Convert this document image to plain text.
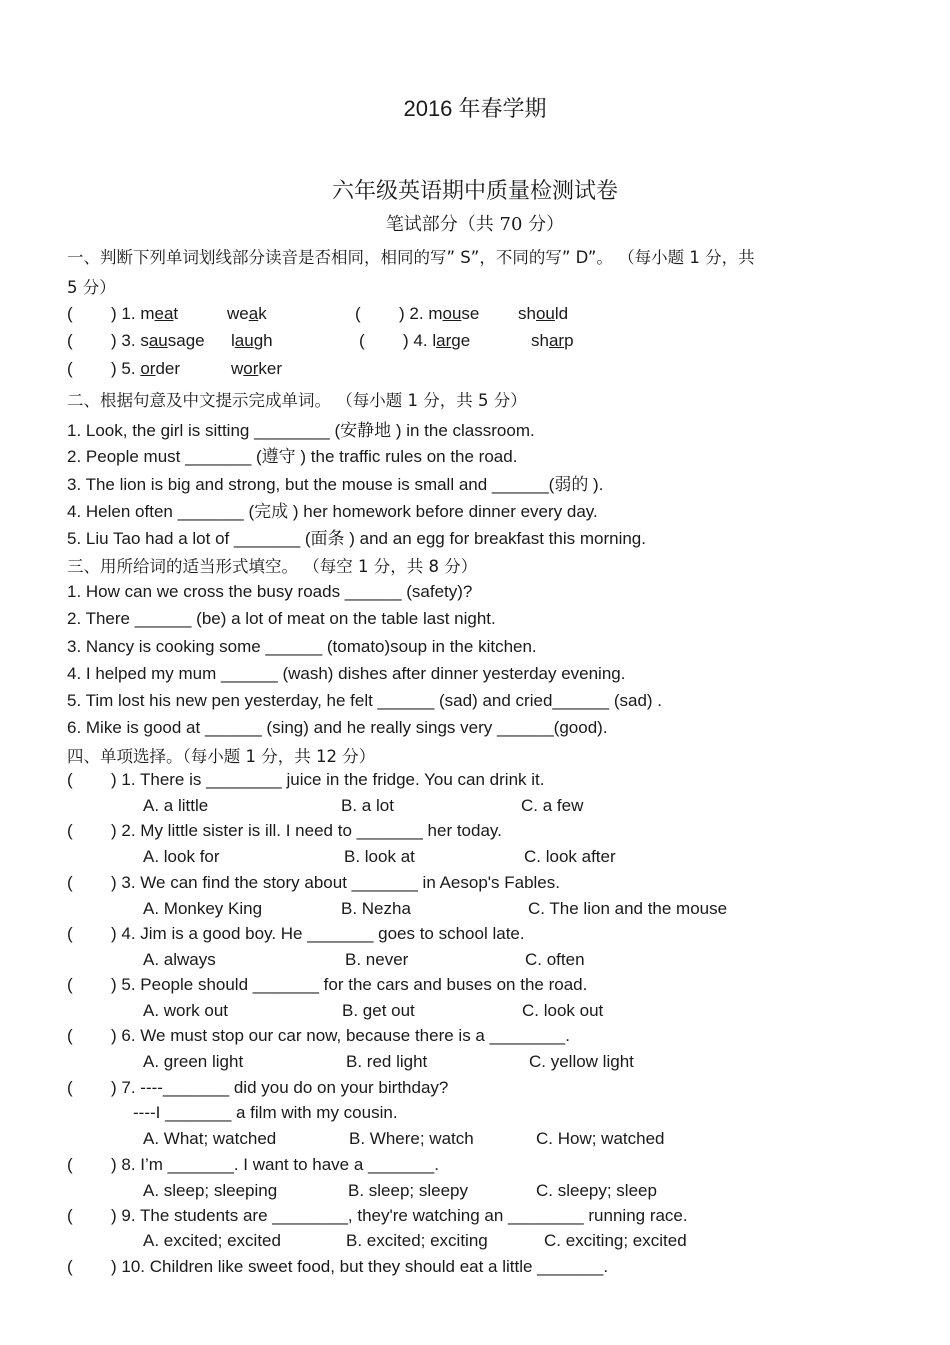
2016 年春学期
六年级英语期中质量检测试卷
笔试部分（共 70 分）
一、判断下列单词划线部分读音是否相同，相同的写” S”，不同的写” D”。 （每小题 1 分，共
5 分）
( ) 1. meat	weak	( ) 2. mouse should
( ) 3. sausage laugh	( ) 4. large	sharp
( ) 5. order	worker
二、根据句意及中文提示完成单词。 （每小题 1 分，共 5 分）
1. Look, the girl is sitting ________ (安静地 ) in the classroom.
2. People must _______ (遵守 ) the traffic rules on the road.
3. The lion is big and strong, but the mouse is small and ______(弱的 ).
4. Helen often _______ (完成 ) her homework before dinner every day.
5. Liu Tao had a lot of _______ (面条 ) and an egg for breakfast this morning.
三、用所给词的适当形式填空。 （每空 1 分，共 8 分）
1. How can we cross the busy roads ______ (safety)?
2. There ______ (be) a lot of meat on the table last night.
3. Nancy is cooking some ______ (tomato)soup in the kitchen.
4. I helped my mum ______ (wash) dishes after dinner yesterday evening.
5. Tim lost his new pen yesterday, he felt ______ (sad) and cried______ (sad) .
6. Mike is good at ______ (sing) and he really sings very ______(good).
四、单项选择。（每小题 1 分，共 12 分）
( ) 1. There is ________ juice in the fridge. You can drink it.
A. a little	B. a lot	C. a few
( ) 2. My little sister is ill. I need to _______ her today.
A. look for	B. look at	C. look after
( ) 3. We can find the story about _______ in Aesop's Fables.
A. Monkey King	B. Nezha	C. The lion and the mouse
( ) 4. Jim is a good boy. He _______ goes to school late.
A. always	B. never	C. often
( ) 5. People should _______ for the cars and buses on the road.
A. work out	B. get out	C. look out
( ) 6. We must stop our car now, because there is a ________.
A. green light	B. red light	C. yellow light
( ) 7. ----_______ did you do on your birthday?
----I _______ a film with my cousin.
A. What; watched	B. Where; watch	C. How; watched
( ) 8. I’m _______. I want to have a _______.
A. sleep; sleeping	B. sleep; sleepy	C. sleepy; sleep
( ) 9. The students are ________, they're watching an ________ running race.
A. excited; excited	B. excited; exciting	C. exciting; excited
( ) 10. Children like sweet food, but they should eat a little _______.
